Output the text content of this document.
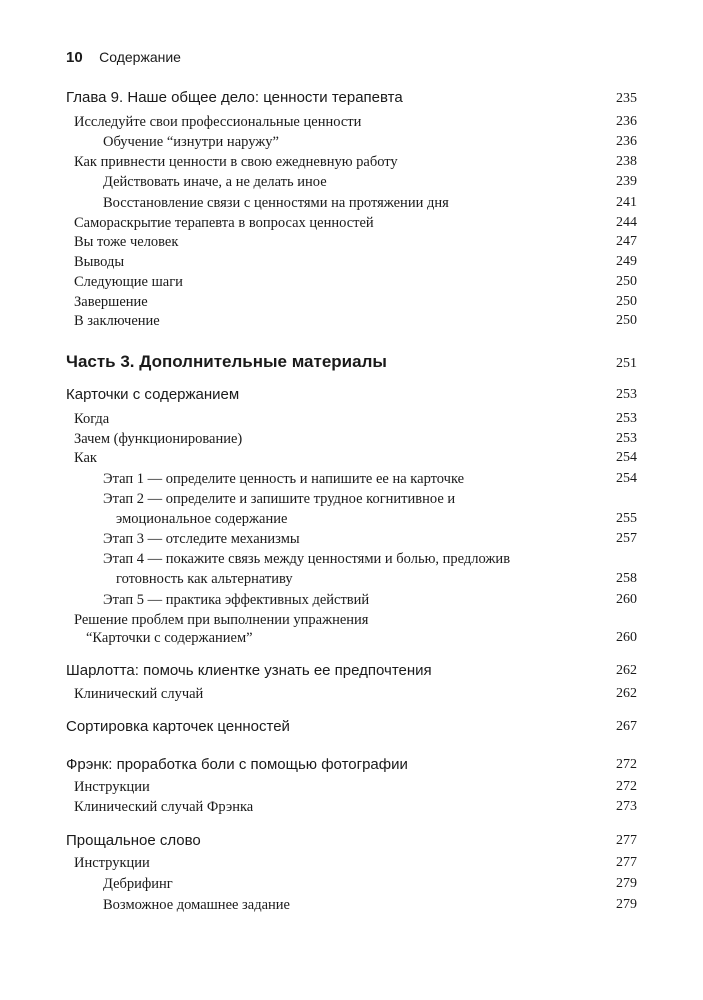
10 Содержание
Глава 9. Наше общее дело: ценности терапевта	235
Исследуйте свои профессиональные ценности	236
Обучение “изнутри наружу”	236
Как привнести ценности в свою ежедневную работу	238
Действовать иначе, а не делать иное	239
Восстановление связи с ценностями на протяжении дня	241
Самораскрытие терапевта в вопросах ценностей	244
Вы тоже человек	247
Выводы	249
Следующие шаги	250
Завершение	250
В заключение	250
Часть 3. Дополнительные материалы	251
Карточки с содержанием	253
Когда	253
Зачем (функционирование)	253
Как	254
Этап 1 — определите ценность и напишите ее на карточке	254
Этап 2 — определите и запишите трудное когнитивное и
эмоциональное содержание	255
Этап 3 — отследите механизмы	257
Этап 4 — покажите связь между ценностями и болью, предложив
готовность как альтернативу	258
Этап 5 — практика эффективных действий	260
Решение проблем при выполнении упражнения
“Карточки с содержанием”	260
Шарлотта: помочь клиентке узнать ее предпочтения	262
Клинический случай	262
Сортировка карточек ценностей	267
Фрэнк: проработка боли с помощью фотографии	272
Инструкции	272
Клинический случай Фрэнка	273
Прощальное слово	277
Инструкции	277
Дебрифинг	279
Возможное домашнее задание	279
